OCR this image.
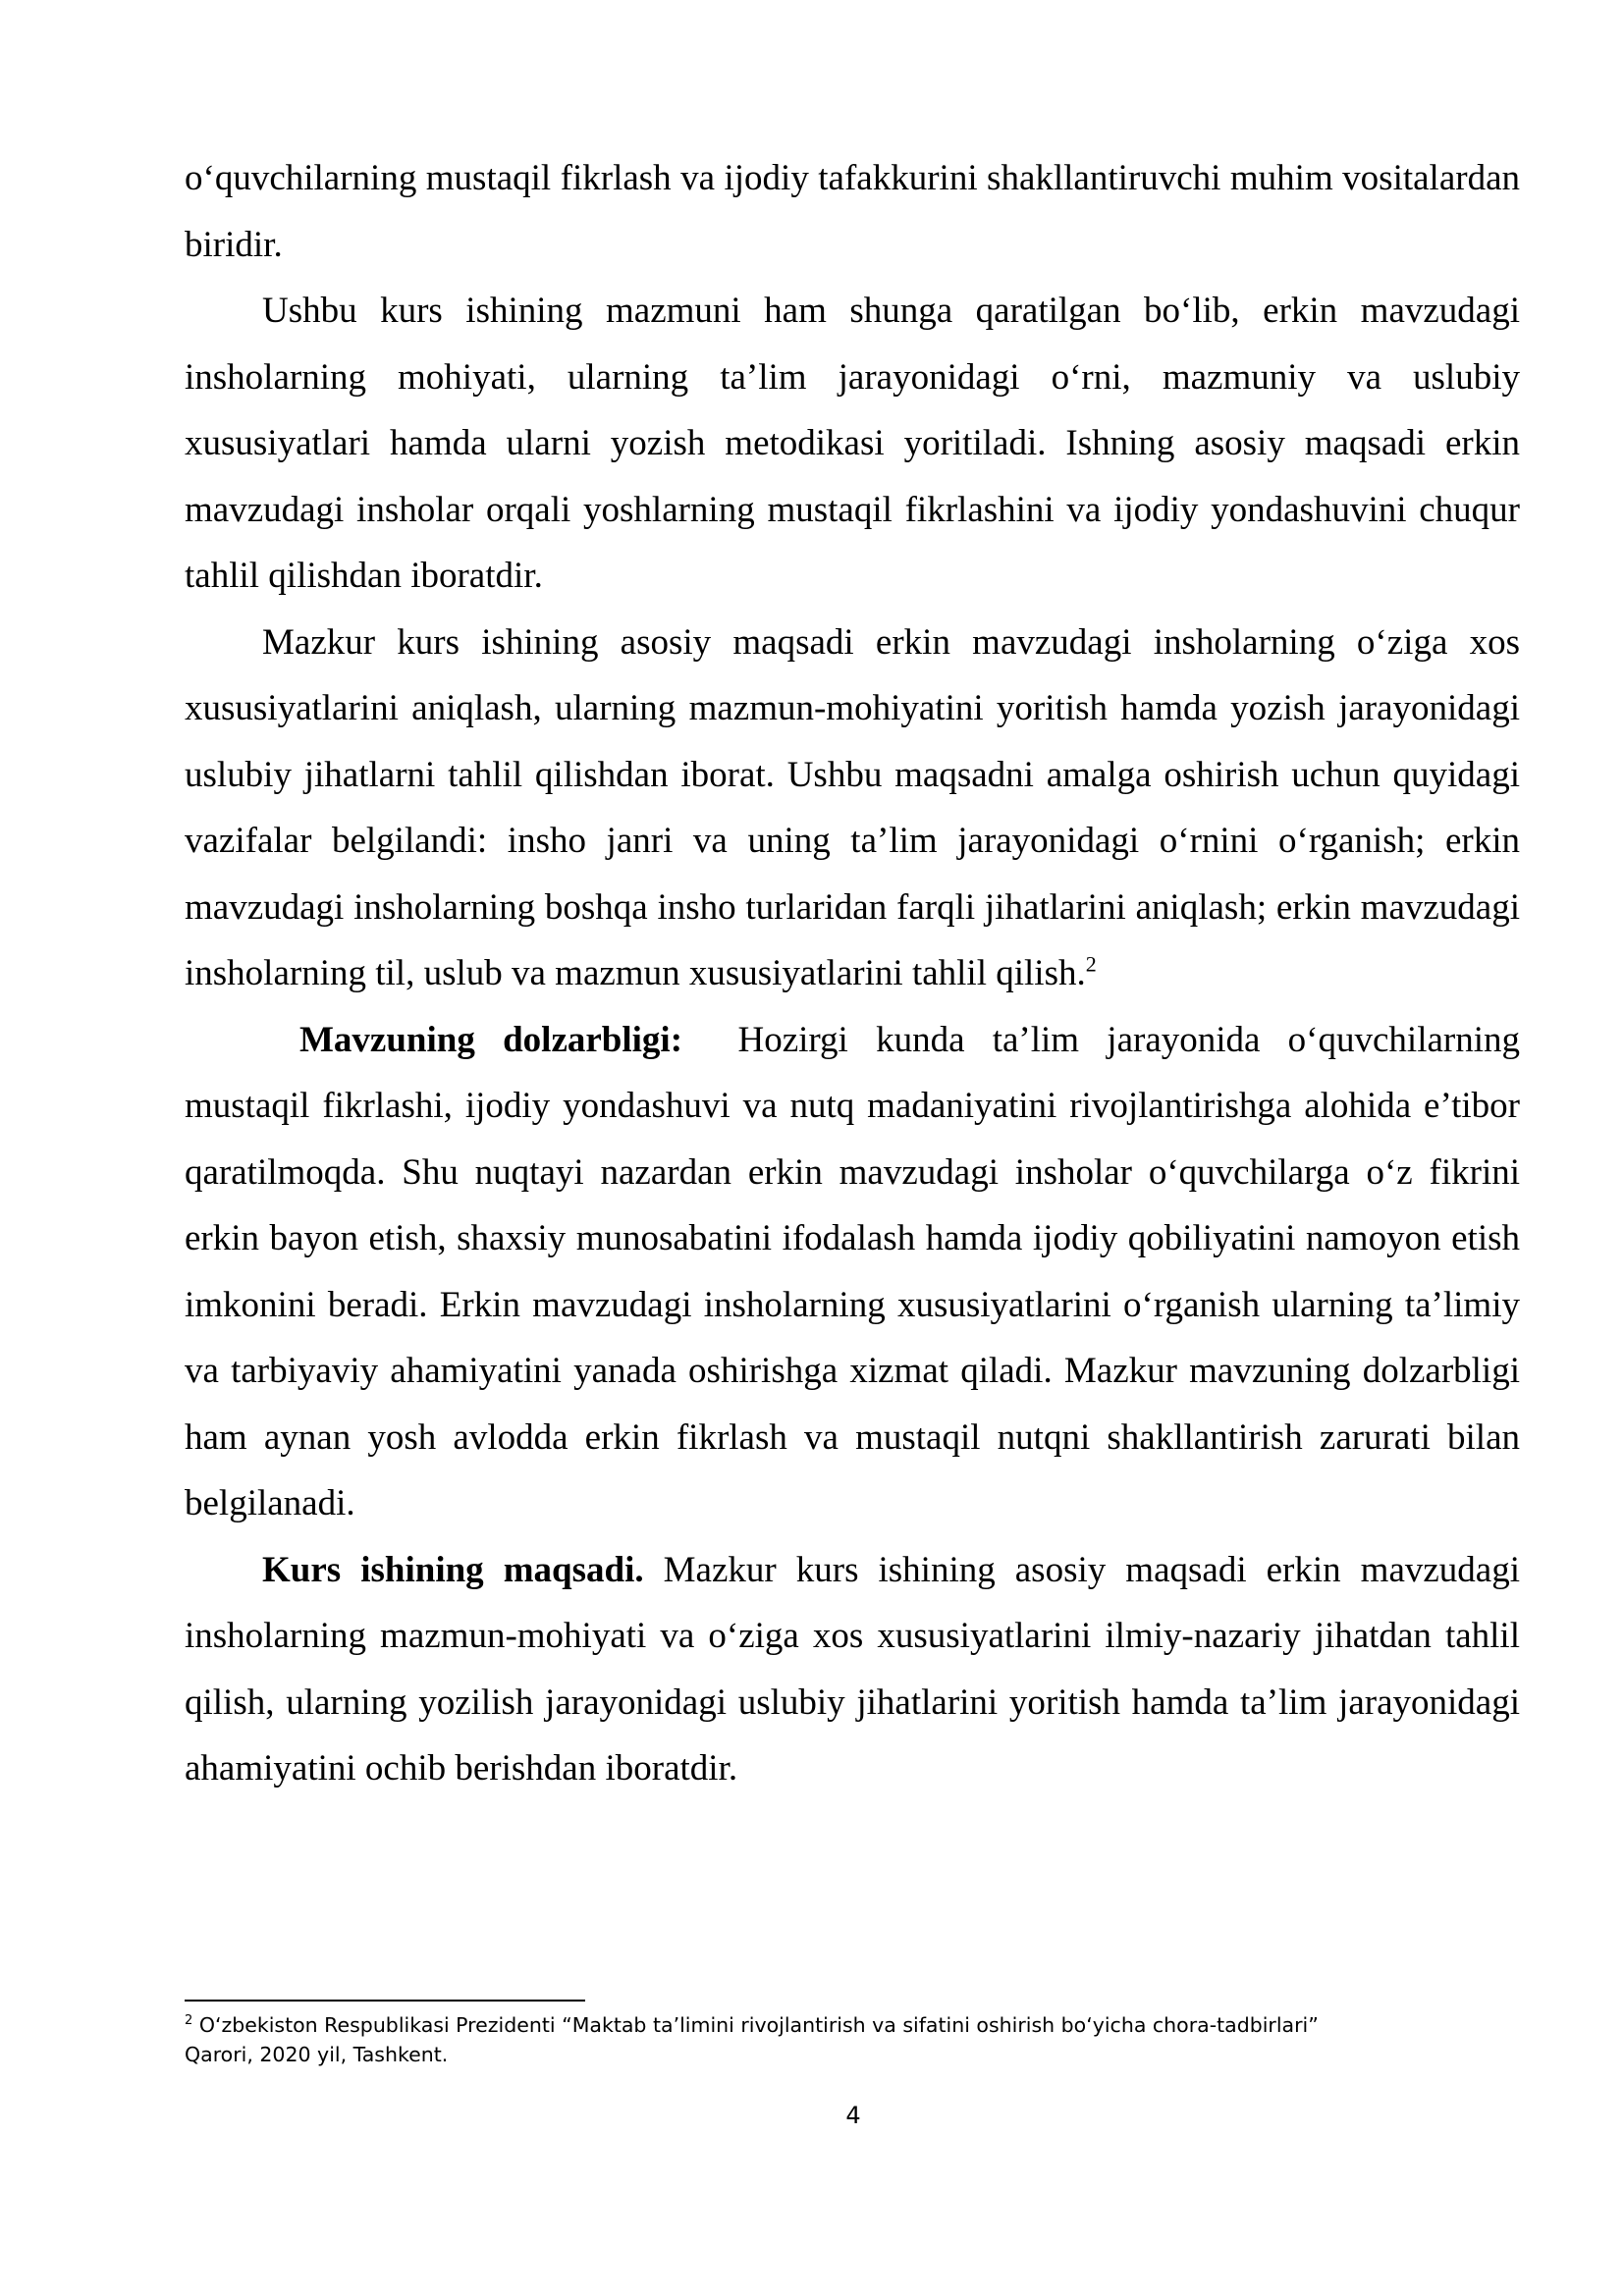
o‘quvchilarning mustaqil fikrlash va ijodiy tafakkurini shakllantiruvchi muhim vositalardan biridir.

Ushbu kurs ishining mazmuni ham shunga qaratilgan bo‘lib, erkin mavzudagi insholarning mohiyati, ularning ta’lim jarayonidagi o‘rni, mazmuniy va uslubiy xususiyatlari hamda ularni yozish metodikasi yoritiladi. Ishning asosiy maqsadi erkin mavzudagi insholar orqali yoshlarning mustaqil fikrlashini va ijodiy yondashuvini chuqur tahlil qilishdan iboratdir.

Mazkur kurs ishining asosiy maqsadi erkin mavzudagi insholarning o‘ziga xos xususiyatlarini aniqlash, ularning mazmun-mohiyatini yoritish hamda yozish jarayonidagi uslubiy jihatlarni tahlil qilishdan iborat. Ushbu maqsadni amalga oshirish uchun quyidagi vazifalar belgilandi: insho janri va uning ta’lim jarayonidagi o‘rnini o‘rganish; erkin mavzudagi insholarning boshqa insho turlaridan farqli jihatlarini aniqlash; erkin mavzudagi insholarning til, uslub va mazmun xususiyatlarini tahlil qilish.$^2$

Mavzuning dolzarbligi: Hozirgi kunda ta’lim jarayonida o‘quvchilarning mustaqil fikrlashi, ijodiy yondashuvi va nutq madaniyatini rivojlantirishga alohida e’tibor qaratilmoqda. Shu nuqtayi nazardan erkin mavzudagi insholar o‘quvchilarga o‘z fikrini erkin bayon etish, shaxsiy munosabatini ifodalash hamda ijodiy qobiliyatini namoyon etish imkonini beradi. Erkin mavzudagi insholarning xususiyatlarini o‘rganish ularning ta’limiy va tarbiyaviy ahamiyatini yanada oshirishga xizmat qiladi. Mazkur mavzuning dolzarbligi ham aynan yosh avlodda erkin fikrlash va mustaqil nutqni shakllantirish zarurati bilan belgilanadi.

Kurs ishining maqsadi. Mazkur kurs ishining asosiy maqsadi erkin mavzudagi insholarning mazmun-mohiyati va o‘ziga xos xususiyatlarini ilmiy-nazariy jihatdan tahlil qilish, ularning yozilish jarayonidagi uslubiy jihatlarini yoritish hamda ta’lim jarayonidagi ahamiyatini ochib berishdan iboratdir.

$^2$ O‘zbekiston Respublikasi Prezidenti “Maktab ta’limini rivojlantirish va sifatini oshirish bo‘yicha chora-tadbirlari”
Qarori, 2020 yil, Tashkent.
4
